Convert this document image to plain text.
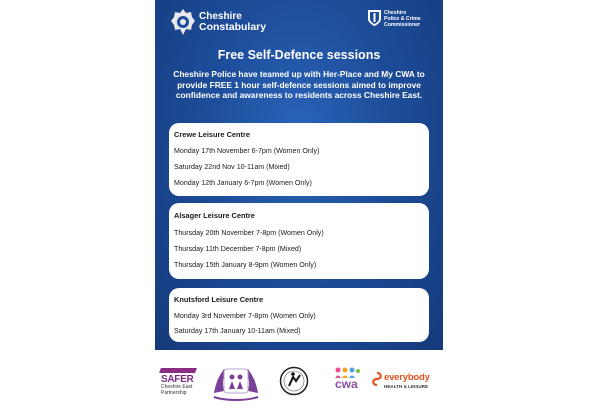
Cheshire
Constabulary
Cheshire
Police & Crime
Commissioner
Free Self-Defence sessions
Cheshire Police have teamed up with Her-Place and My CWA to
provide FREE 1 hour self-defence sessions aimed to improve
confidence and awareness to residents across Cheshire East.
Crewe Leisure Centre
Monday 17th November 6-7pm (Women Only)
Saturday 22nd Nov 10-11am (Mixed)
Monday 12th January 6-7pm (Women Only)
Alsager Leisure Centre
Thursday 20th November 7-8pm (Women Only)
Thursday 11th December 7-8pm (Mixed)
Thursday 15th January 8-9pm (Women Only)
Knutsford Leisure Centre
Monday 3rd November 7-8pm (Women Only)
Saturday 17th January 10-11am (Mixed)
SAFER
Cheshire East
Partnership
cwa	everybody
HEALTH & LEISURE
